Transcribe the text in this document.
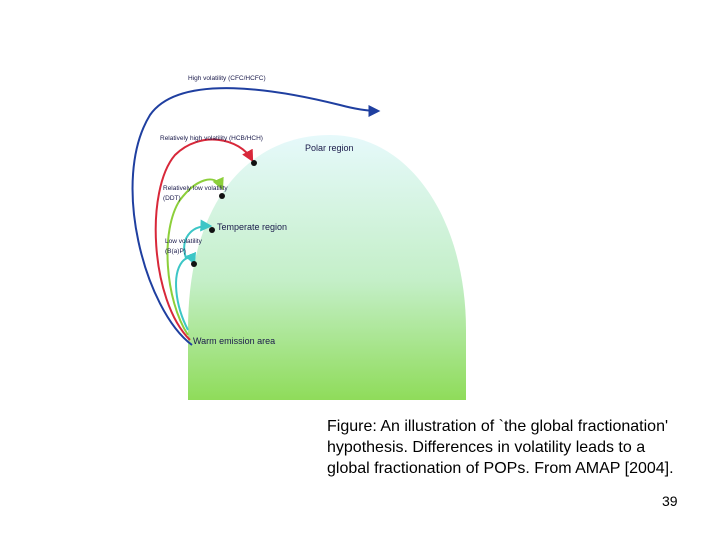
High volatility (CFC/HCFC)
Relatively high volatility (HCB/HCH)
Relatively low volatility
(DDT)
Low volatility
(B(a)P)
Polar region
Temperate region
Warm emission area

Figure: An illustration of `the global fractionation' hypothesis. Differences in volatility leads to a global fractionation of POPs. From AMAP [2004].

39
